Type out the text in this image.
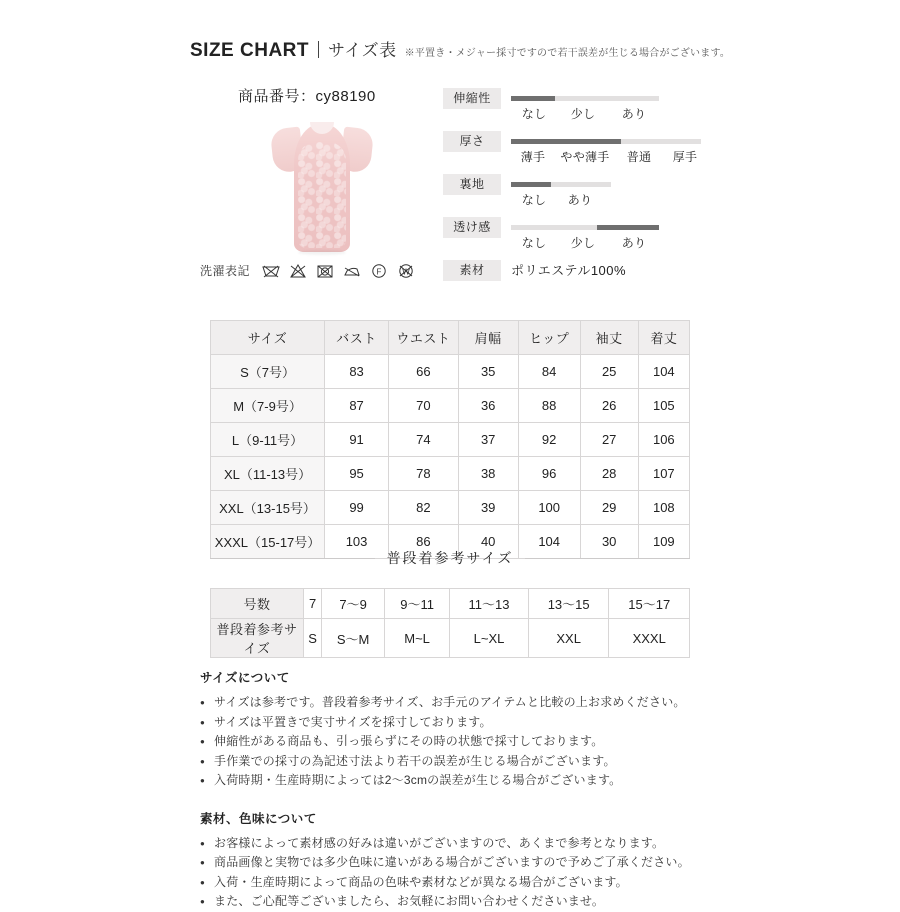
SIZE CHART サイズ表 ※平置き・メジャー採寸ですので若干誤差が生じる場合がございます。
商品番号：cy88190
洗濯表記	F	W
伸縮性
なし	少し	あり
厚さ
薄手	やや薄手	普通	厚手
裏地
なし	あり
透け感
なし	少し	あり
素材	ポリエステル100%
サイズ	バスト	ウエスト	肩幅	ヒップ	袖丈	着丈
S（7号）	83	66	35	84	25	104
M（7-9号）	87	70	36	88	26	105
L（9-11号）	91	74	37	92	27	106
XL（11-13号）	95	78	38	96	28	107
XXL（13-15号）	99	82	39	100	29	108
XXXL（15-17号）	103	86	40	104	30	109
普段着参考サイズ
号数	7	7〜9	9〜11	11〜13	13〜15	15〜17
普段着参考サイズ	S	S〜M	M~L	L~XL	XXL	XXXL
サイズについて
● サイズは参考です。普段着参考サイズ、お手元のアイテムと比較の上お求めください。
● サイズは平置きで実寸サイズを採寸しております。
● 伸縮性がある商品も、引っ張らずにその時の状態で採寸しております。
● 手作業での採寸の為記述寸法より若干の誤差が生じる場合がございます。
● 入荷時期・生産時期によっては2〜3cmの誤差が生じる場合がございます。
素材、色味について
● お客様によって素材感の好みは違いがございますので、あくまで参考となります。
● 商品画像と実物では多少色味に違いがある場合がございますので予めご了承ください。
● 入荷・生産時期によって商品の色味や素材などが異なる場合がございます。
● また、ご心配等ございましたら、お気軽にお問い合わせくださいませ。
